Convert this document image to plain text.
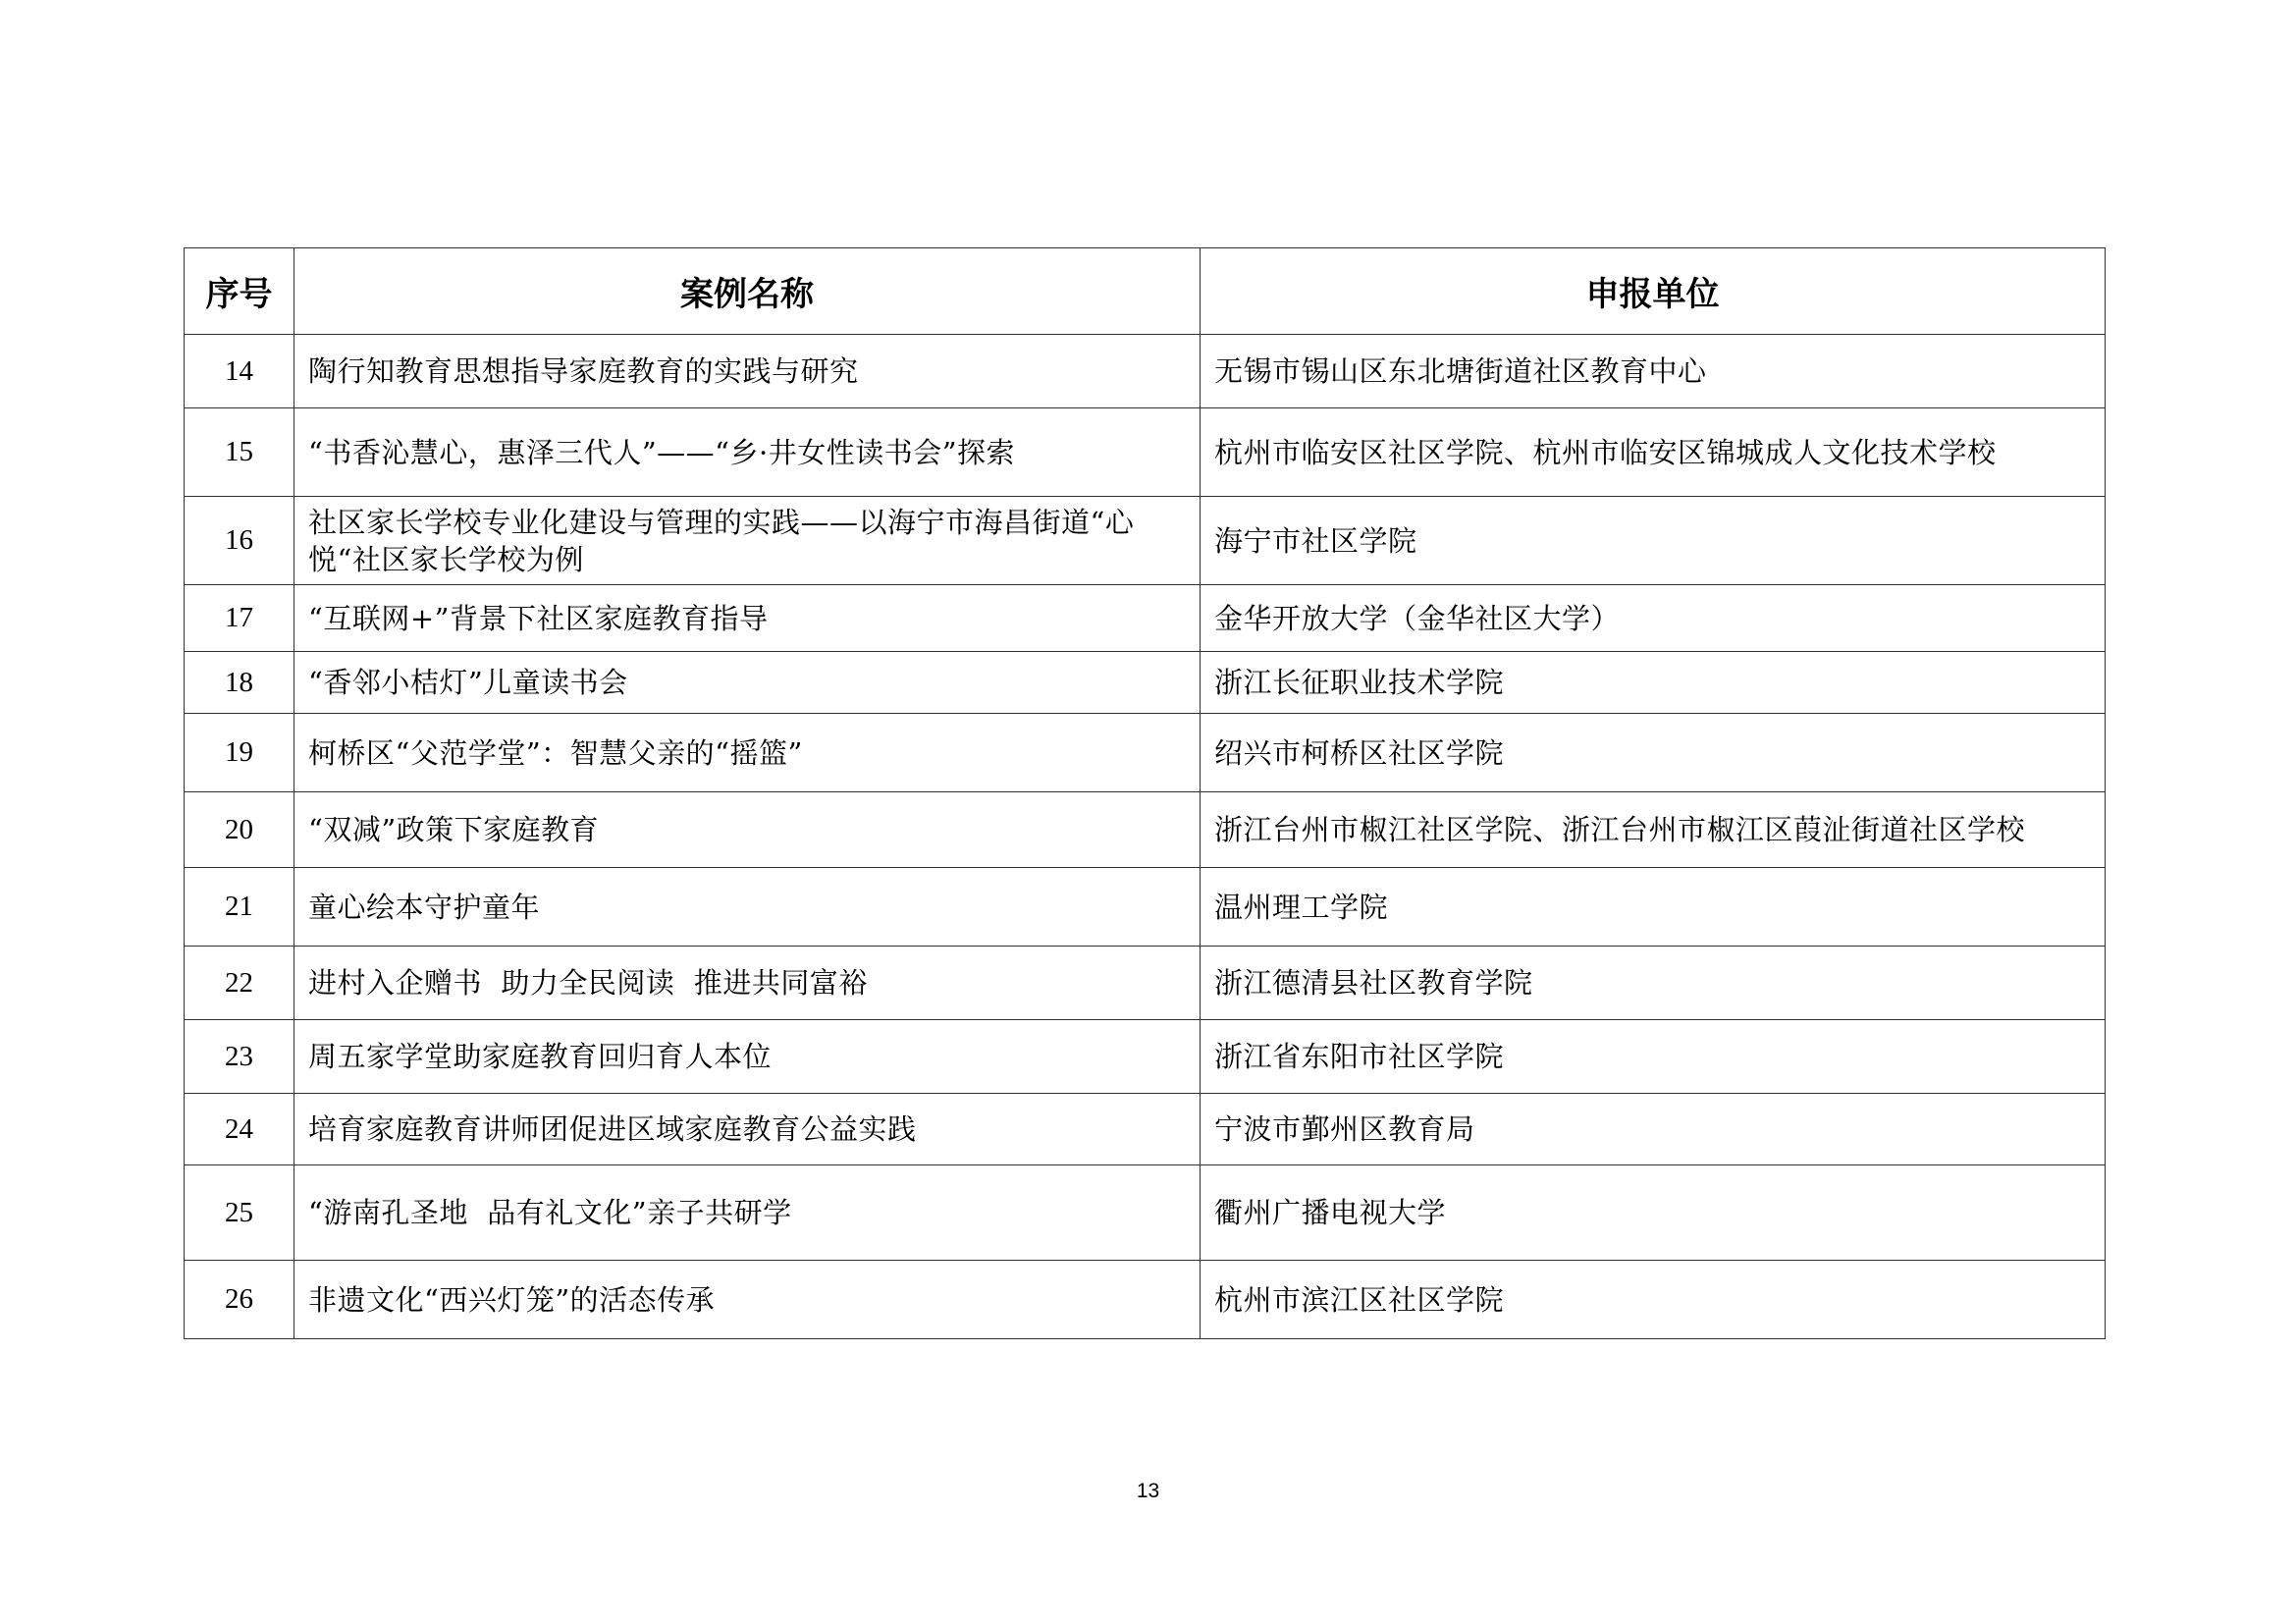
序号	案例名称	申报单位
14	陶行知教育思想指导家庭教育的实践与研究	无锡市锡山区东北塘街道社区教育中心
15	“书香沁慧心，惠泽三代人”——“乡·井女性读书会”探索	杭州市临安区社区学院、杭州市临安区锦城成人文化技术学校
16	社区家长学校专业化建设与管理的实践——以海宁市海昌街道“心悦“社区家长学校为例	海宁市社区学院
17	“互联网+”背景下社区家庭教育指导	金华开放大学（金华社区大学）
18	“香邻小桔灯”儿童读书会	浙江长征职业技术学院
19	柯桥区“父范学堂”：智慧父亲的“摇篮”	绍兴市柯桥区社区学院
20	“双减”政策下家庭教育	浙江台州市椒江社区学院、浙江台州市椒江区葭沚街道社区学校
21	童心绘本守护童年	温州理工学院
22	进村入企赠书  助力全民阅读  推进共同富裕	浙江德清县社区教育学院
23	周五家学堂助家庭教育回归育人本位	浙江省东阳市社区学院
24	培育家庭教育讲师团促进区域家庭教育公益实践	宁波市鄞州区教育局
25	“游南孔圣地  品有礼文化”亲子共研学	衢州广播电视大学
26	非遗文化“西兴灯笼”的活态传承	杭州市滨江区社区学院
13
